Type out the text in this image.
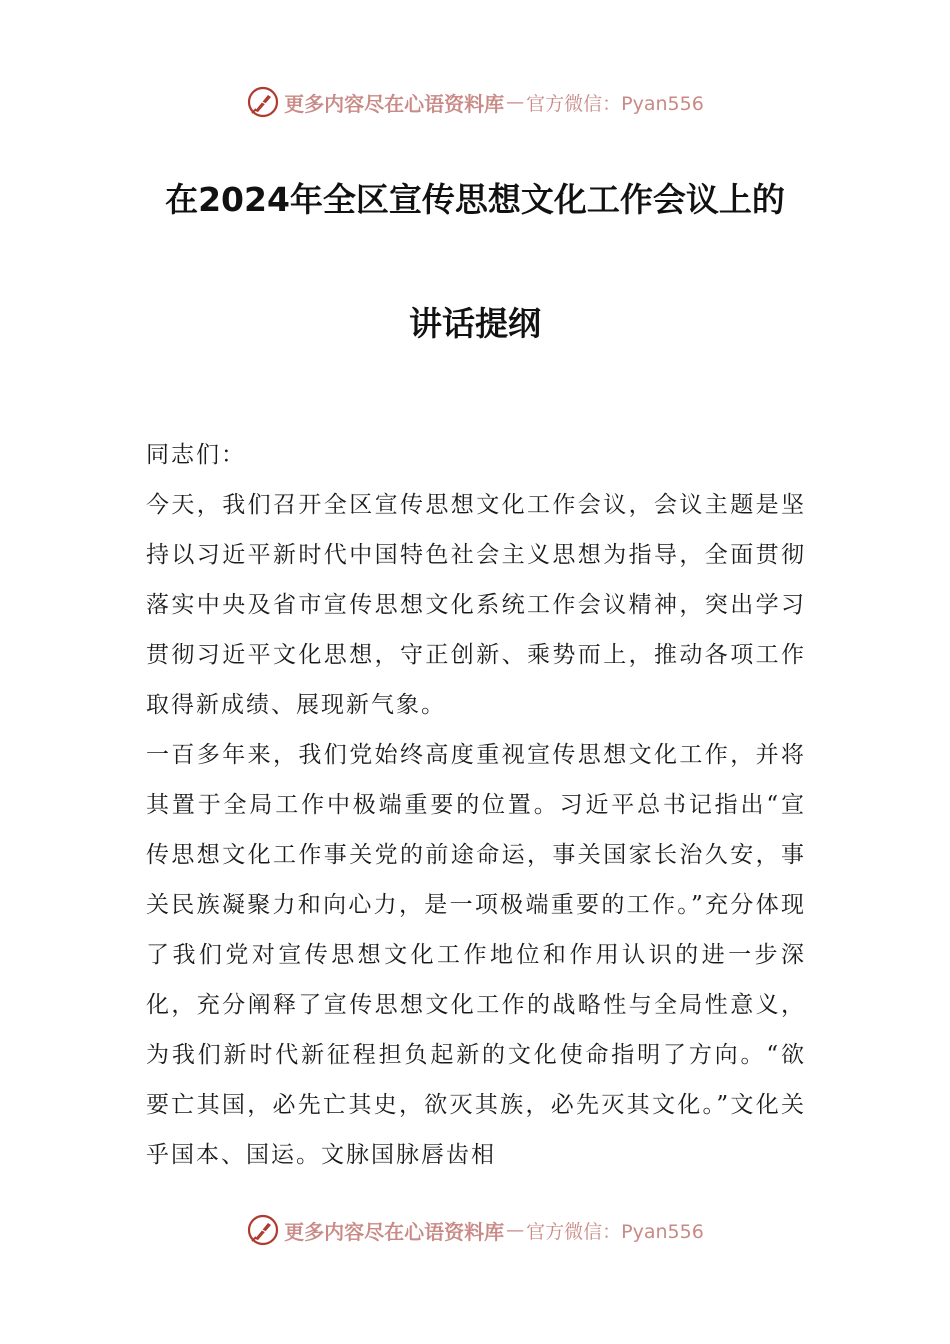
更多内容尽在心语资料库 — 官方微信：Pyan556
在2024年全区宣传思想文化工作会议上的
讲话提纲

同志们：

今天，我们召开全区宣传思想文化工作会议，会议主题是坚持以习近平新时代中国特色社会主义思想为指导，全面贯彻落实中央及省市宣传思想文化系统工作会议精神，突出学习贯彻习近平文化思想，守正创新、乘势而上，推动各项工作取得新成绩、展现新气象。

一百多年来，我们党始终高度重视宣传思想文化工作，并将其置于全局工作中极端重要的位置。习近平总书记指出“宣传思想文化工作事关党的前途命运，事关国家长治久安，事关民族凝聚力和向心力，是一项极端重要的工作。”充分体现了我们党对宣传思想文化工作地位和作用认识的进一步深化，充分阐释了宣传思想文化工作的战略性与全局性意义，为我们新时代新征程担负起新的文化使命指明了方向。“欲要亡其国，必先亡其史，欲灭其族，必先灭其文化。”文化关乎国本、国运。文脉国脉唇齿相

更多内容尽在心语资料库 — 官方微信：Pyan556
